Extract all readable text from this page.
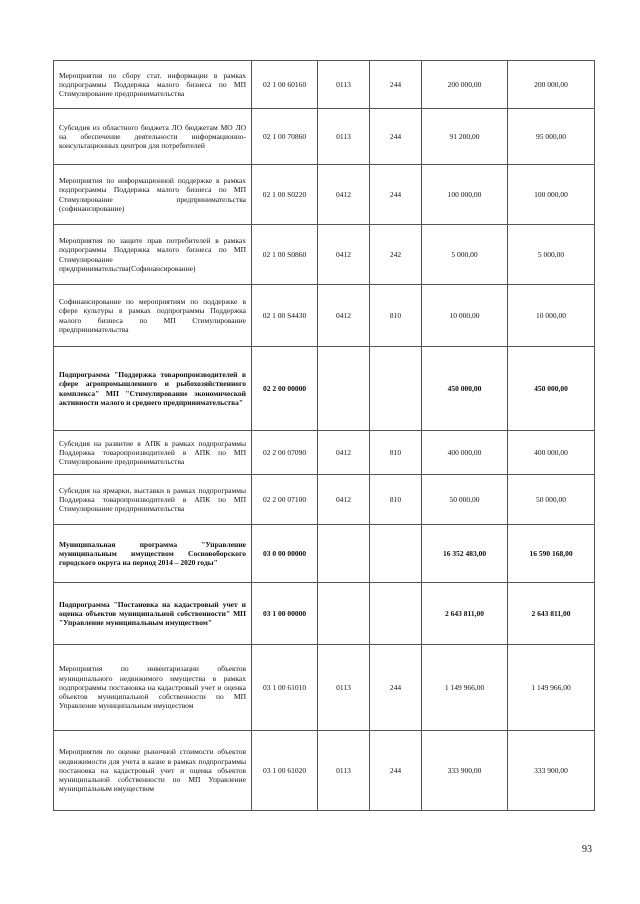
Мероприятия по сбору стат. информации в рамках подпрограммы Поддержка малого бизнеса по МП Стимулирование предпринимательства	02 1 00 60160	0113	244	200 000,00	200 000,00
Субсидия из областного бюджета ЛО бюджетам МО ЛО на обеспечение деятельности информационно-консультационных центров для потребителей	02 1 00 70860	0113	244	91 200,00	95 000,00
Мероприятия по информационной поддержке в рамках подпрограммы Поддержка малого бизнеса по МП Стимулирование предпринимательства (софинансирование)	02 1 00 S0220	0412	244	100 000,00	100 000,00
Мероприятия по защите прав потребителей в рамках подпрограммы Поддержка малого бизнеса по МП Стимулирование предпринимательства(Софинансирование)	02 1 00 S0860	0412	242	5 000,00	5 000,00
Софинансирование по мероприятиям по поддержке в сфере культуры в рамках подпрограммы Поддержка малого бизнеса по МП Стимулирование предпринимательства	02 1 00 S4430	0412	810	10 000,00	10 000,00
Подпрограмма "Поддержка товаропроизводителей в сфере агропромышленного и рыбохозяйственного комплекса" МП "Стимулирование экономической активности малого и среднего предпринимательства"	02 2 00 00000			450 000,00	450 000,00
Субсидия на развитие в АПК в рамках подпрограммы Поддержка товаропроизводителей в АПК по МП Стимулирование предпринимательства	02 2 00 07090	0412	810	400 000,00	400 000,00
Субсидия на ярмарки, выставки в рамках подпрограммы Поддержка товаропроизводителей в АПК по МП Стимулирование предпринимательства	02 2 00 07100	0412	810	50 000,00	50 000,00
Муниципальная программа "Управление муниципальным имуществом Сосновоборского городского округа на период 2014 – 2020 годы"	03 0 00 00000			16 352 483,00	16 590 168,00
Подпрограмма "Постановка на кадастровый учет и оценка объектов муниципальной собственности" МП "Управление муниципальным имуществом"	03 1 00 00000			2 643 811,00	2 643 811,00
Мероприятия по инвентаризации объектов муниципального недвижимого имущества в рамках подпрограммы постановка на кадастровый учет и оценка объектов муниципальной собственности по МП Управление муниципальным имуществом	03 1 00 61010	0113	244	1 149 966,00	1 149 966,00
Мероприятия по оценке рыночной стоимости объектов недвижимости для учета в казне в рамках подпрограммы постановка на кадастровый учет и оценка объектов муниципальной собственности по МП Управление муниципальным имуществом	03 1 00 61020	0113	244	333 900,00	333 900,00
93
